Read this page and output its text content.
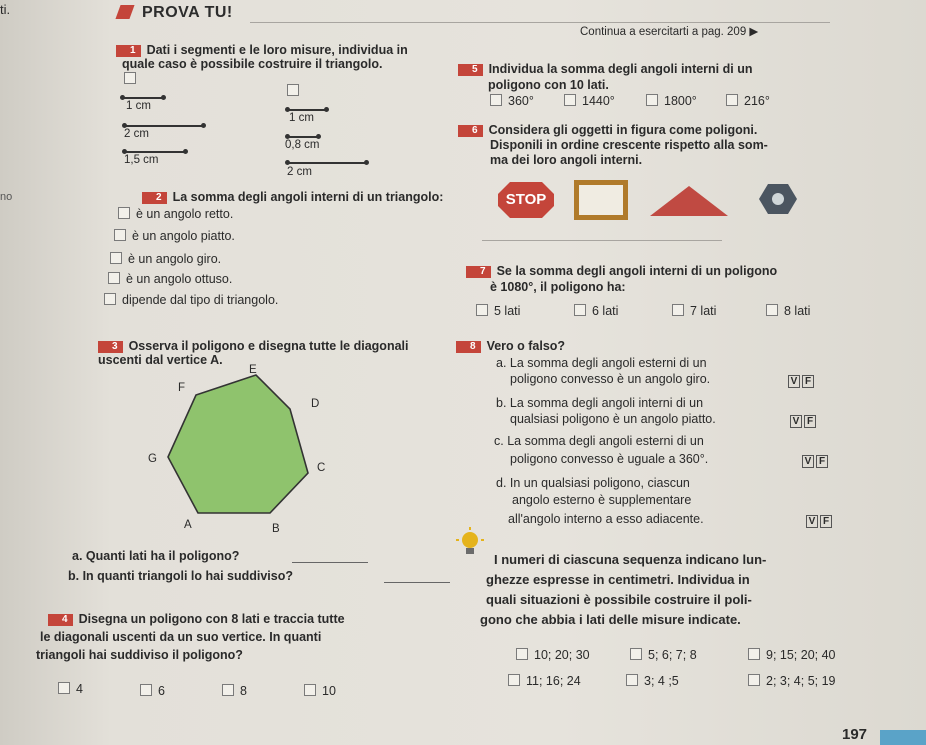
ti.	PROVA TU!
Continua a esercitarti a pag. 209 ▶
no
1 Dati i segmenti e le loro misure, individua in
quale caso è possibile costruire il triangolo.
1 cm
2 cm
1,5 cm
1 cm
0,8 cm
2 cm
2 La somma degli angoli interni di un triangolo:
è un angolo retto.
è un angolo piatto.
è un angolo giro.
è un angolo ottuso.
dipende dal tipo di triangolo.
3 Osserva il poligono e disegna tutte le diagonali
uscenti dal vertice A.
E
F
D
G
C
A	B
a. Quanti lati ha il poligono?
b. In quanti triangoli lo hai suddiviso?
4 Disegna un poligono con 8 lati e traccia tutte
le diagonali uscenti da un suo vertice. In quanti
triangoli hai suddiviso il poligono?
4	6	8	10
5 Individua la somma degli angoli interni di un
poligono con 10 lati.
360°	1440°	1800°	216°
6 Considera gli oggetti in figura come poligoni.
Disponili in ordine crescente rispetto alla som-
ma dei loro angoli interni.
STOP
7 Se la somma degli angoli interni di un poligono
è 1080°, il poligono ha:
5 lati	6 lati	7 lati	8 lati
8 Vero o falso?
a. La somma degli angoli esterni di un
poligono convesso è un angolo giro.	V F
b. La somma degli angoli interni di un
qualsiasi poligono è un angolo piatto.	V F
c. La somma degli angoli esterni di un
poligono convesso è uguale a 360°.	V F
d. In un qualsiasi poligono, ciascun
angolo esterno è supplementare
all'angolo interno a esso adiacente.	V F
I numeri di ciascuna sequenza indicano lun-
ghezze espresse in centimetri. Individua in
quali situazioni è possibile costruire il poli-
gono che abbia i lati delle misure indicate.
10; 20; 30	5; 6; 7; 8	9; 15; 20; 40
11; 16; 24	3; 4 ;5	2; 3; 4; 5; 19
197
